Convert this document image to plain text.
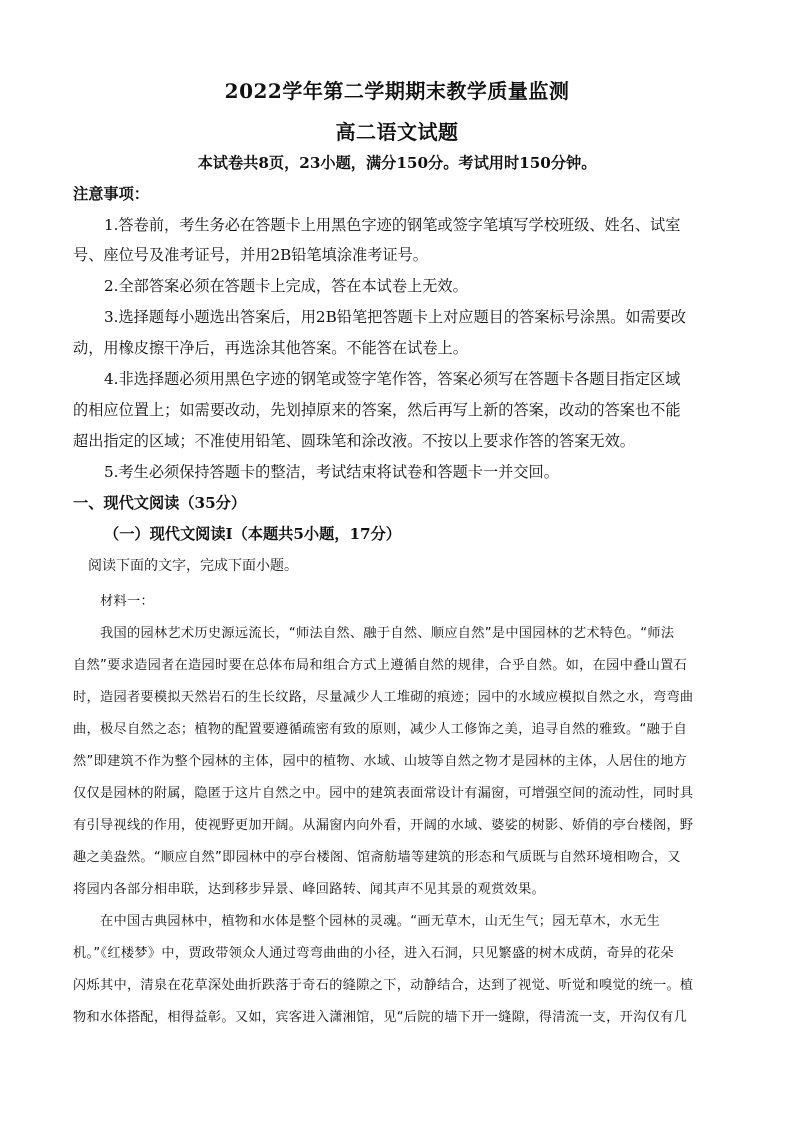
2022学年第二学期期末教学质量监测
高二语文试题
本试卷共8页，23小题，满分150分。考试用时150分钟。
注意事项：
1.答卷前，考生务必在答题卡上用黑色字迹的钢笔或签字笔填写学校班级、姓名、试室
号、座位号及准考证号，并用2B铅笔填涂准考证号。
2.全部答案必须在答题卡上完成，答在本试卷上无效。
3.选择题每小题选出答案后，用2B铅笔把答题卡上对应题目的答案标号涂黑。如需要改
动，用橡皮擦干净后，再选涂其他答案。不能答在试卷上。
4.非选择题必须用黑色字迹的钢笔或签字笔作答，答案必须写在答题卡各题目指定区域
的相应位置上；如需要改动，先划掉原来的答案，然后再写上新的答案，改动的答案也不能
超出指定的区域；不准使用铅笔、圆珠笔和涂改液。不按以上要求作答的答案无效。
5.考生必须保持答题卡的整洁，考试结束将试卷和答题卡一并交回。
一、现代文阅读（35分）
（一）现代文阅读Ⅰ（本题共5小题，17分）
阅读下面的文字，完成下面小题。
材料一：
我国的园林艺术历史源远流长，“师法自然、融于自然、顺应自然”是中国园林的艺术特色。“师法
自然”要求造园者在造园时要在总体布局和组合方式上遵循自然的规律，合乎自然。如，在园中叠山置石
时，造园者要模拟天然岩石的生长纹路，尽量减少人工堆砌的痕迹；园中的水域应模拟自然之水，弯弯曲
曲，极尽自然之态；植物的配置要遵循疏密有致的原则，减少人工修饰之美，追寻自然的雅致。“融于自
然”即建筑不作为整个园林的主体，园中的植物、水域、山坡等自然之物才是园林的主体，人居住的地方
仅仅是园林的附属，隐匿于这片自然之中。园中的建筑表面常设计有漏窗，可增强空间的流动性，同时具
有引导视线的作用，使视野更加开阔。从漏窗内向外看，开阔的水域、婆娑的树影、娇俏的亭台楼阁，野
趣之美盎然。“顺应自然”即园林中的亭台楼阁、馆斋舫墙等建筑的形态和气质既与自然环境相吻合，又
将园内各部分相串联，达到移步异景、峰回路转、闻其声不见其景的观赏效果。
在中国古典园林中，植物和水体是整个园林的灵魂。“画无草木，山无生气；园无草木，水无生
机。”《红楼梦》中，贾政带领众人通过弯弯曲曲的小径，进入石洞，只见繁盛的树木成荫，奇异的花朵
闪烁其中，清泉在花草深处曲折跌落于奇石的缝隙之下，动静结合，达到了视觉、听觉和嗅觉的统一。植
物和水体搭配，相得益彰。又如，宾客进入潇湘馆，见“后院的墙下开一缝隙，得清流一支，开沟仅有几
